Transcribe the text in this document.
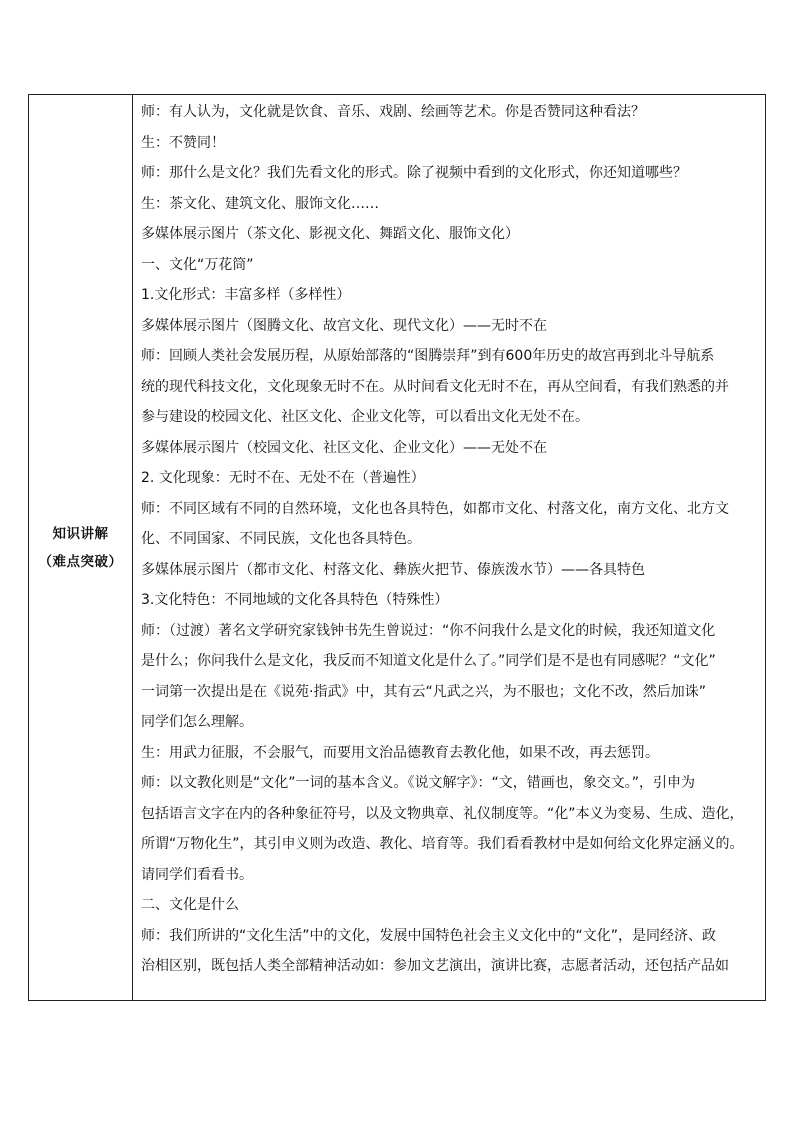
知识讲解
（难点突破）
师：有人认为，文化就是饮食、音乐、戏剧、绘画等艺术。你是否赞同这种看法？
生：不赞同！
师：那什么是文化？我们先看文化的形式。除了视频中看到的文化形式，你还知道哪些？
生：茶文化、建筑文化、服饰文化……
多媒体展示图片（茶文化、影视文化、舞蹈文化、服饰文化）
一、文化“万花筒”
1.文化形式：丰富多样（多样性）
多媒体展示图片（图腾文化、故宫文化、现代文化）——无时不在
师：回顾人类社会发展历程，从原始部落的“图腾崇拜”到有600年历史的故宫再到北斗导航系
统的现代科技文化，文化现象无时不在。从时间看文化无时不在，再从空间看，有我们熟悉的并
参与建设的校园文化、社区文化、企业文化等，可以看出文化无处不在。
多媒体展示图片（校园文化、社区文化、企业文化）——无处不在
2. 文化现象：无时不在、无处不在（普遍性）
师：不同区域有不同的自然环境，文化也各具特色，如都市文化、村落文化，南方文化、北方文
化、不同国家、不同民族，文化也各具特色。
多媒体展示图片（都市文化、村落文化、彝族火把节、傣族泼水节）——各具特色
3.文化特色：不同地域的文化各具特色（特殊性）
师：（过渡）著名文学研究家钱钟书先生曾说过：“你不问我什么是文化的时候，我还知道文化
是什么；你问我什么是文化，我反而不知道文化是什么了。”同学们是不是也有同感呢？“文化”
一词第一次提出是在《说苑·指武》中，其有云“凡武之兴，为不服也；文化不改，然后加诛”
同学们怎么理解。
生：用武力征服，不会服气，而要用文治品德教育去教化他，如果不改，再去惩罚。
师：以文教化则是“文化”一词的基本含义。《说文解字》：“文，错画也，象交文。”，引申为
包括语言文字在内的各种象征符号，以及文物典章、礼仪制度等。“化”本义为变易、生成、造化，
所谓“万物化生”，其引申义则为改造、教化、培育等。我们看看教材中是如何给文化界定涵义的。
请同学们看看书。
二、文化是什么
师：我们所讲的“文化生活”中的文化，发展中国特色社会主义文化中的“文化”，是同经济、政
治相区别，既包括人类全部精神活动如：参加文艺演出，演讲比赛，志愿者活动，还包括产品如
